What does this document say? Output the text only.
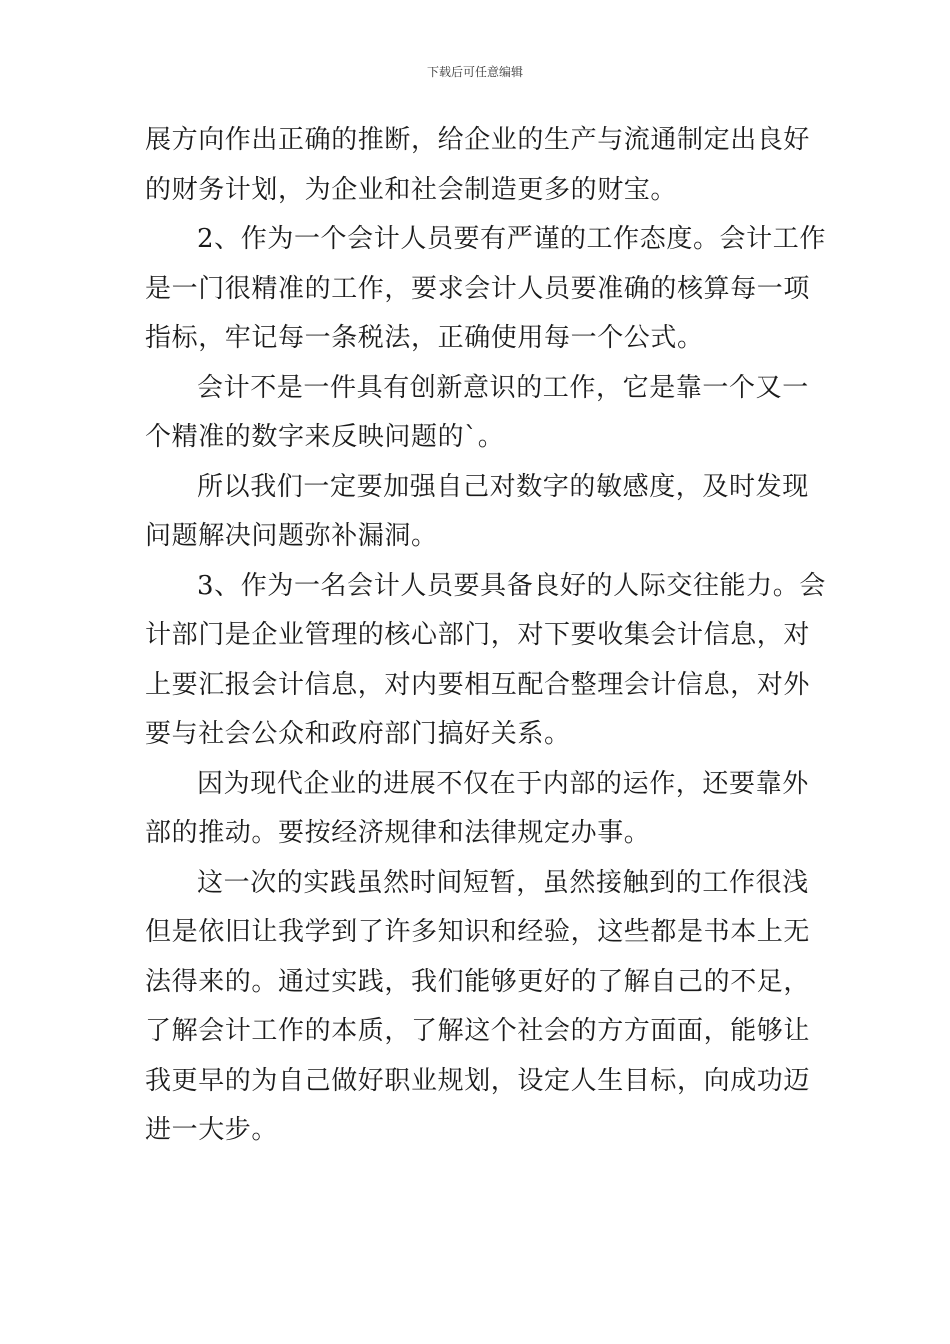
下载后可任意编辑
展方向作出正确的推断，给企业的生产与流通制定出良好
的财务计划，为企业和社会制造更多的财宝。
2、作为一个会计人员要有严谨的工作态度。会计工作
是一门很精准的工作，要求会计人员要准确的核算每一项
指标，牢记每一条税法，正确使用每一个公式。
会计不是一件具有创新意识的工作，它是靠一个又一
个精准的数字来反映问题的`。
所以我们一定要加强自己对数字的敏感度，及时发现
问题解决问题弥补漏洞。
3、作为一名会计人员要具备良好的人际交往能力。会
计部门是企业管理的核心部门，对下要收集会计信息，对
上要汇报会计信息，对内要相互配合整理会计信息，对外
要与社会公众和政府部门搞好关系。
因为现代企业的进展不仅在于内部的运作，还要靠外
部的推动。要按经济规律和法律规定办事。
这一次的实践虽然时间短暂，虽然接触到的工作很浅
但是依旧让我学到了许多知识和经验，这些都是书本上无
法得来的。通过实践，我们能够更好的了解自己的不足，
了解会计工作的本质，了解这个社会的方方面面，能够让
我更早的为自己做好职业规划，设定人生目标，向成功迈
进一大步。
